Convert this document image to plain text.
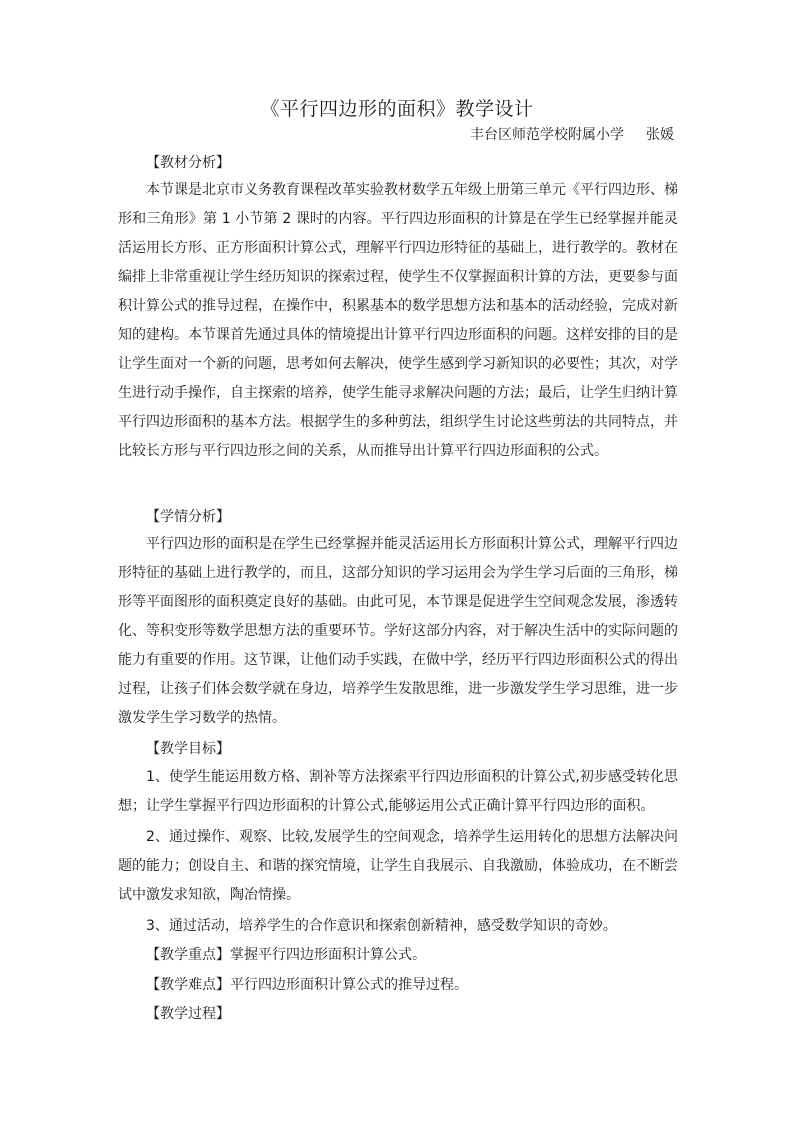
《平行四边形的面积》教学设计
丰台区师范学校附属小学 张媛
【教材分析】

本节课是北京市义务教育课程改革实验教材数学五年级上册第三单元《平行四边形、梯形和三角形》第 1 小节第 2 课时的内容。平行四边形面积的计算是在学生已经掌握并能灵活运用长方形、正方形面积计算公式，理解平行四边形特征的基础上，进行教学的。教材在编排上非常重视让学生经历知识的探索过程，使学生不仅掌握面积计算的方法，更要参与面积计算公式的推导过程，在操作中，积累基本的数学思想方法和基本的活动经验，完成对新知的建构。本节课首先通过具体的情境提出计算平行四边形面积的问题。这样安排的目的是让学生面对一个新的问题，思考如何去解决，使学生感到学习新知识的必要性；其次，对学生进行动手操作，自主探索的培养，使学生能寻求解决问题的方法；最后，让学生归纳计算平行四边形面积的基本方法。根据学生的多种剪法，组织学生讨论这些剪法的共同特点，并比较长方形与平行四边形之间的关系，从而推导出计算平行四边形面积的公式。

【学情分析】

平行四边形的面积是在学生已经掌握并能灵活运用长方形面积计算公式，理解平行四边形特征的基础上进行教学的，而且，这部分知识的学习运用会为学生学习后面的三角形，梯形等平面图形的面积奠定良好的基础。由此可见，本节课是促进学生空间观念发展，渗透转化、等积变形等数学思想方法的重要环节。学好这部分内容，对于解决生活中的实际问题的能力有重要的作用。这节课，让他们动手实践，在做中学，经历平行四边形面积公式的得出过程，让孩子们体会数学就在身边，培养学生发散思维，进一步激发学生学习思维，进一步激发学生学习数学的热情。

【教学目标】

1、使学生能运用数方格、割补等方法探索平行四边形面积的计算公式,初步感受转化思想；让学生掌握平行四边形面积的计算公式,能够运用公式正确计算平行四边形的面积。

2、通过操作、观察、比较,发展学生的空间观念，培养学生运用转化的思想方法解决问题的能力；创设自主、和谐的探究情境，让学生自我展示、自我激励，体验成功，在不断尝试中激发求知欲，陶冶情操。

3、通过活动，培养学生的合作意识和探索创新精神，感受数学知识的奇妙。

【教学重点】掌握平行四边形面积计算公式。
【教学难点】平行四边形面积计算公式的推导过程。
【教学过程】
